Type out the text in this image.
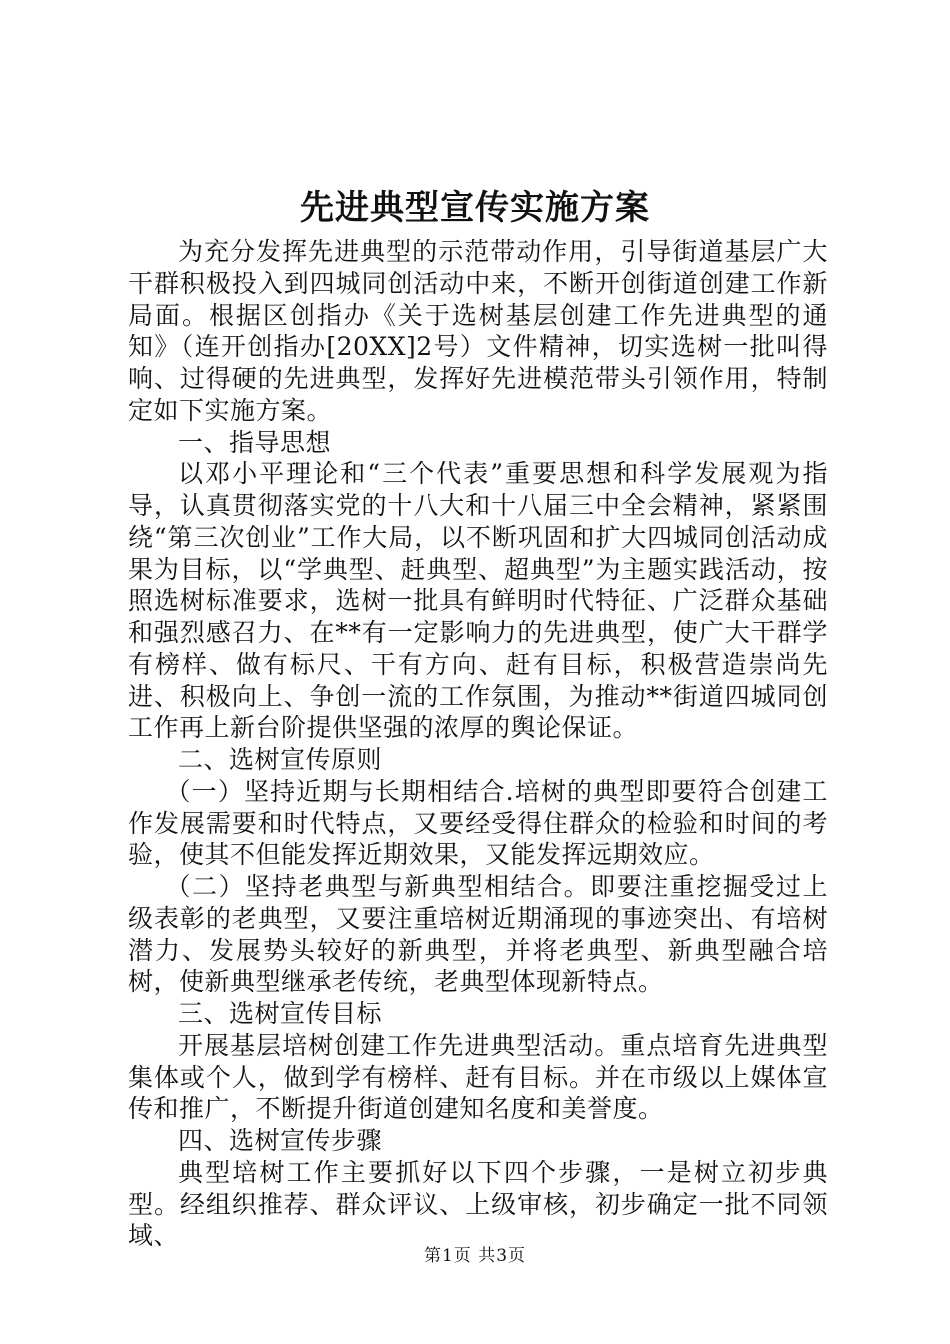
先进典型宣传实施方案

为充分发挥先进典型的示范带动作用，引导街道基层广大干群积极投入到四城同创活动中来，不断开创街道创建工作新局面。根据区创指办《关于选树基层创建工作先进典型的通知》（连开创指办[20XX]2号）文件精神，切实选树一批叫得响、过得硬的先进典型，发挥好先进模范带头引领作用，特制定如下实施方案。

一、指导思想

以邓小平理论和“三个代表”重要思想和科学发展观为指导，认真贯彻落实党的十八大和十八届三中全会精神，紧紧围绕“第三次创业”工作大局，以不断巩固和扩大四城同创活动成果为目标，以“学典型、赶典型、超典型”为主题实践活动，按照选树标准要求，选树一批具有鲜明时代特征、广泛群众基础和强烈感召力、在**有一定影响力的先进典型，使广大干群学有榜样、做有标尺、干有方向、赶有目标，积极营造崇尚先进、积极向上、争创一流的工作氛围，为推动**街道四城同创工作再上新台阶提供坚强的浓厚的舆论保证。

二、选树宣传原则

（一）坚持近期与长期相结合.培树的典型即要符合创建工作发展需要和时代特点，又要经受得住群众的检验和时间的考验，使其不但能发挥近期效果，又能发挥远期效应。

（二）坚持老典型与新典型相结合。即要注重挖掘受过上级表彰的老典型，又要注重培树近期涌现的事迹突出、有培树潜力、发展势头较好的新典型，并将老典型、新典型融合培树，使新典型继承老传统，老典型体现新特点。

三、选树宣传目标

开展基层培树创建工作先进典型活动。重点培育先进典型集体或个人，做到学有榜样、赶有目标。并在市级以上媒体宣传和推广，不断提升街道创建知名度和美誉度。

四、选树宣传步骤

典型培树工作主要抓好以下四个步骤，一是树立初步典型。经组织推荐、群众评议、上级审核，初步确定一批不同领域、

第1页 共3页
